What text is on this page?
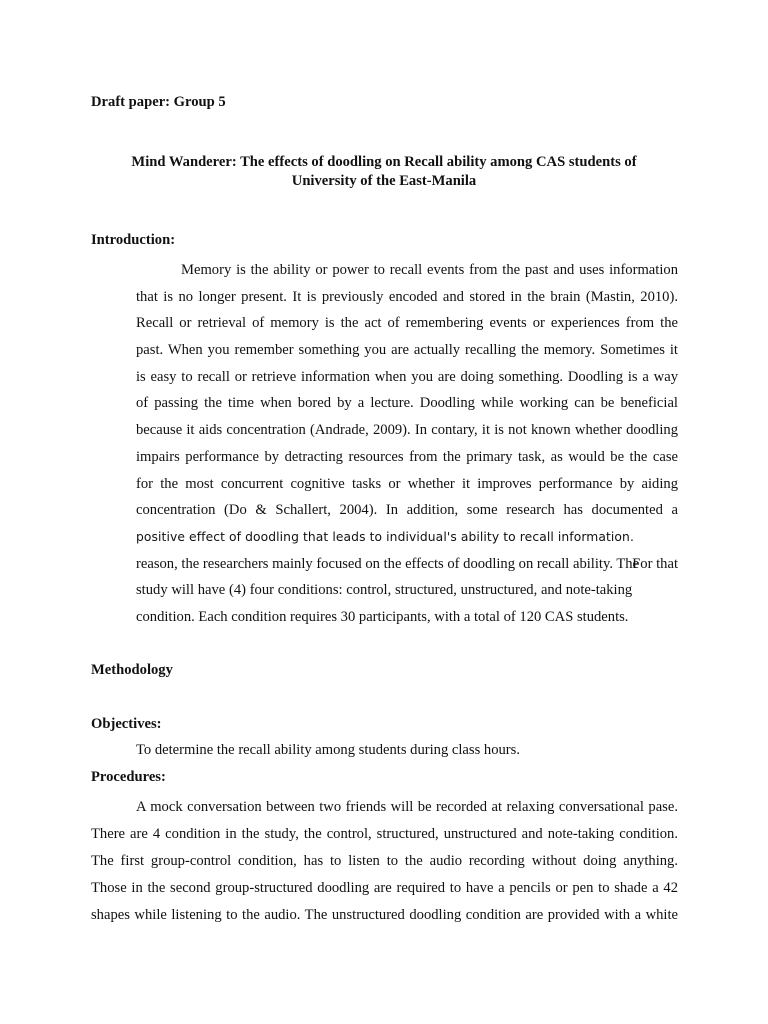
Draft paper: Group 5
Mind Wanderer: The effects of doodling on Recall ability among CAS students of
University of the East-Manila
Introduction:
Memory is the ability or power to recall events from the past and uses information
that is no longer present. It is previously encoded and stored in the brain (Mastin, 2010).
Recall or retrieval of memory is the act of remembering events or experiences from the
past. When you remember something you are actually recalling the memory. Sometimes it
is easy to recall or retrieve information when you are doing something. Doodling is a way
of passing the time when bored by a lecture. Doodling while working can be beneficial
because it aids concentration (Andrade, 2009). In contary, it is not known whether doodling
impairs performance by detracting resources from the primary task, as would be the case
for the most concurrent cognitive tasks or whether it improves performance by aiding
concentration (Do & Schallert, 2004). In addition, some research has documented a
positive effect of doodling that leads to individual's ability to recall information.
For that
reason, the researchers mainly focused on the effects of doodling on recall ability. The
study will have (4) four conditions: control, structured, unstructured, and note-taking
condition. Each condition requires 30 participants, with a total of 120 CAS students.
Methodology
Objectives:
To determine the recall ability among students during class hours.
Procedures:
A mock conversation between two friends will be recorded at relaxing conversational pase.
There are 4 condition in the study, the control, structured, unstructured and note-taking condition.
The first group-control condition, has to listen to the audio recording without doing anything.
Those in the second group-structured doodling are required to have a pencils or pen to shade a 42
shapes while listening to the audio. The unstructured doodling condition are provided with a white
